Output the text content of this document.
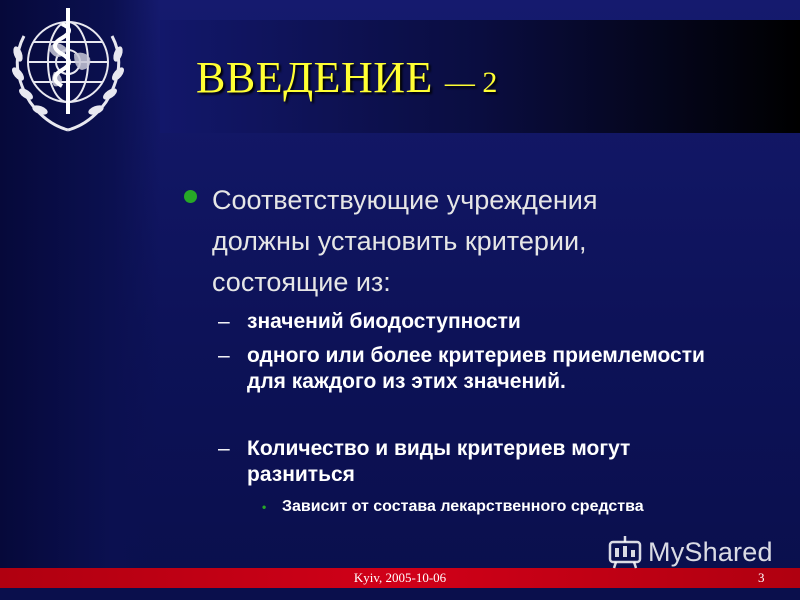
ВВЕДЕНИЕ — 2
Соответствующие учреждения должны установить критерии, состоящие из:
– значений биодоступности
– одного или более критериев приемлемости для каждого из этих значений.
– Количество и виды критериев могут разниться
• Зависит от состава лекарственного средства
Kyiv, 2005-10-06	3
MyShared
